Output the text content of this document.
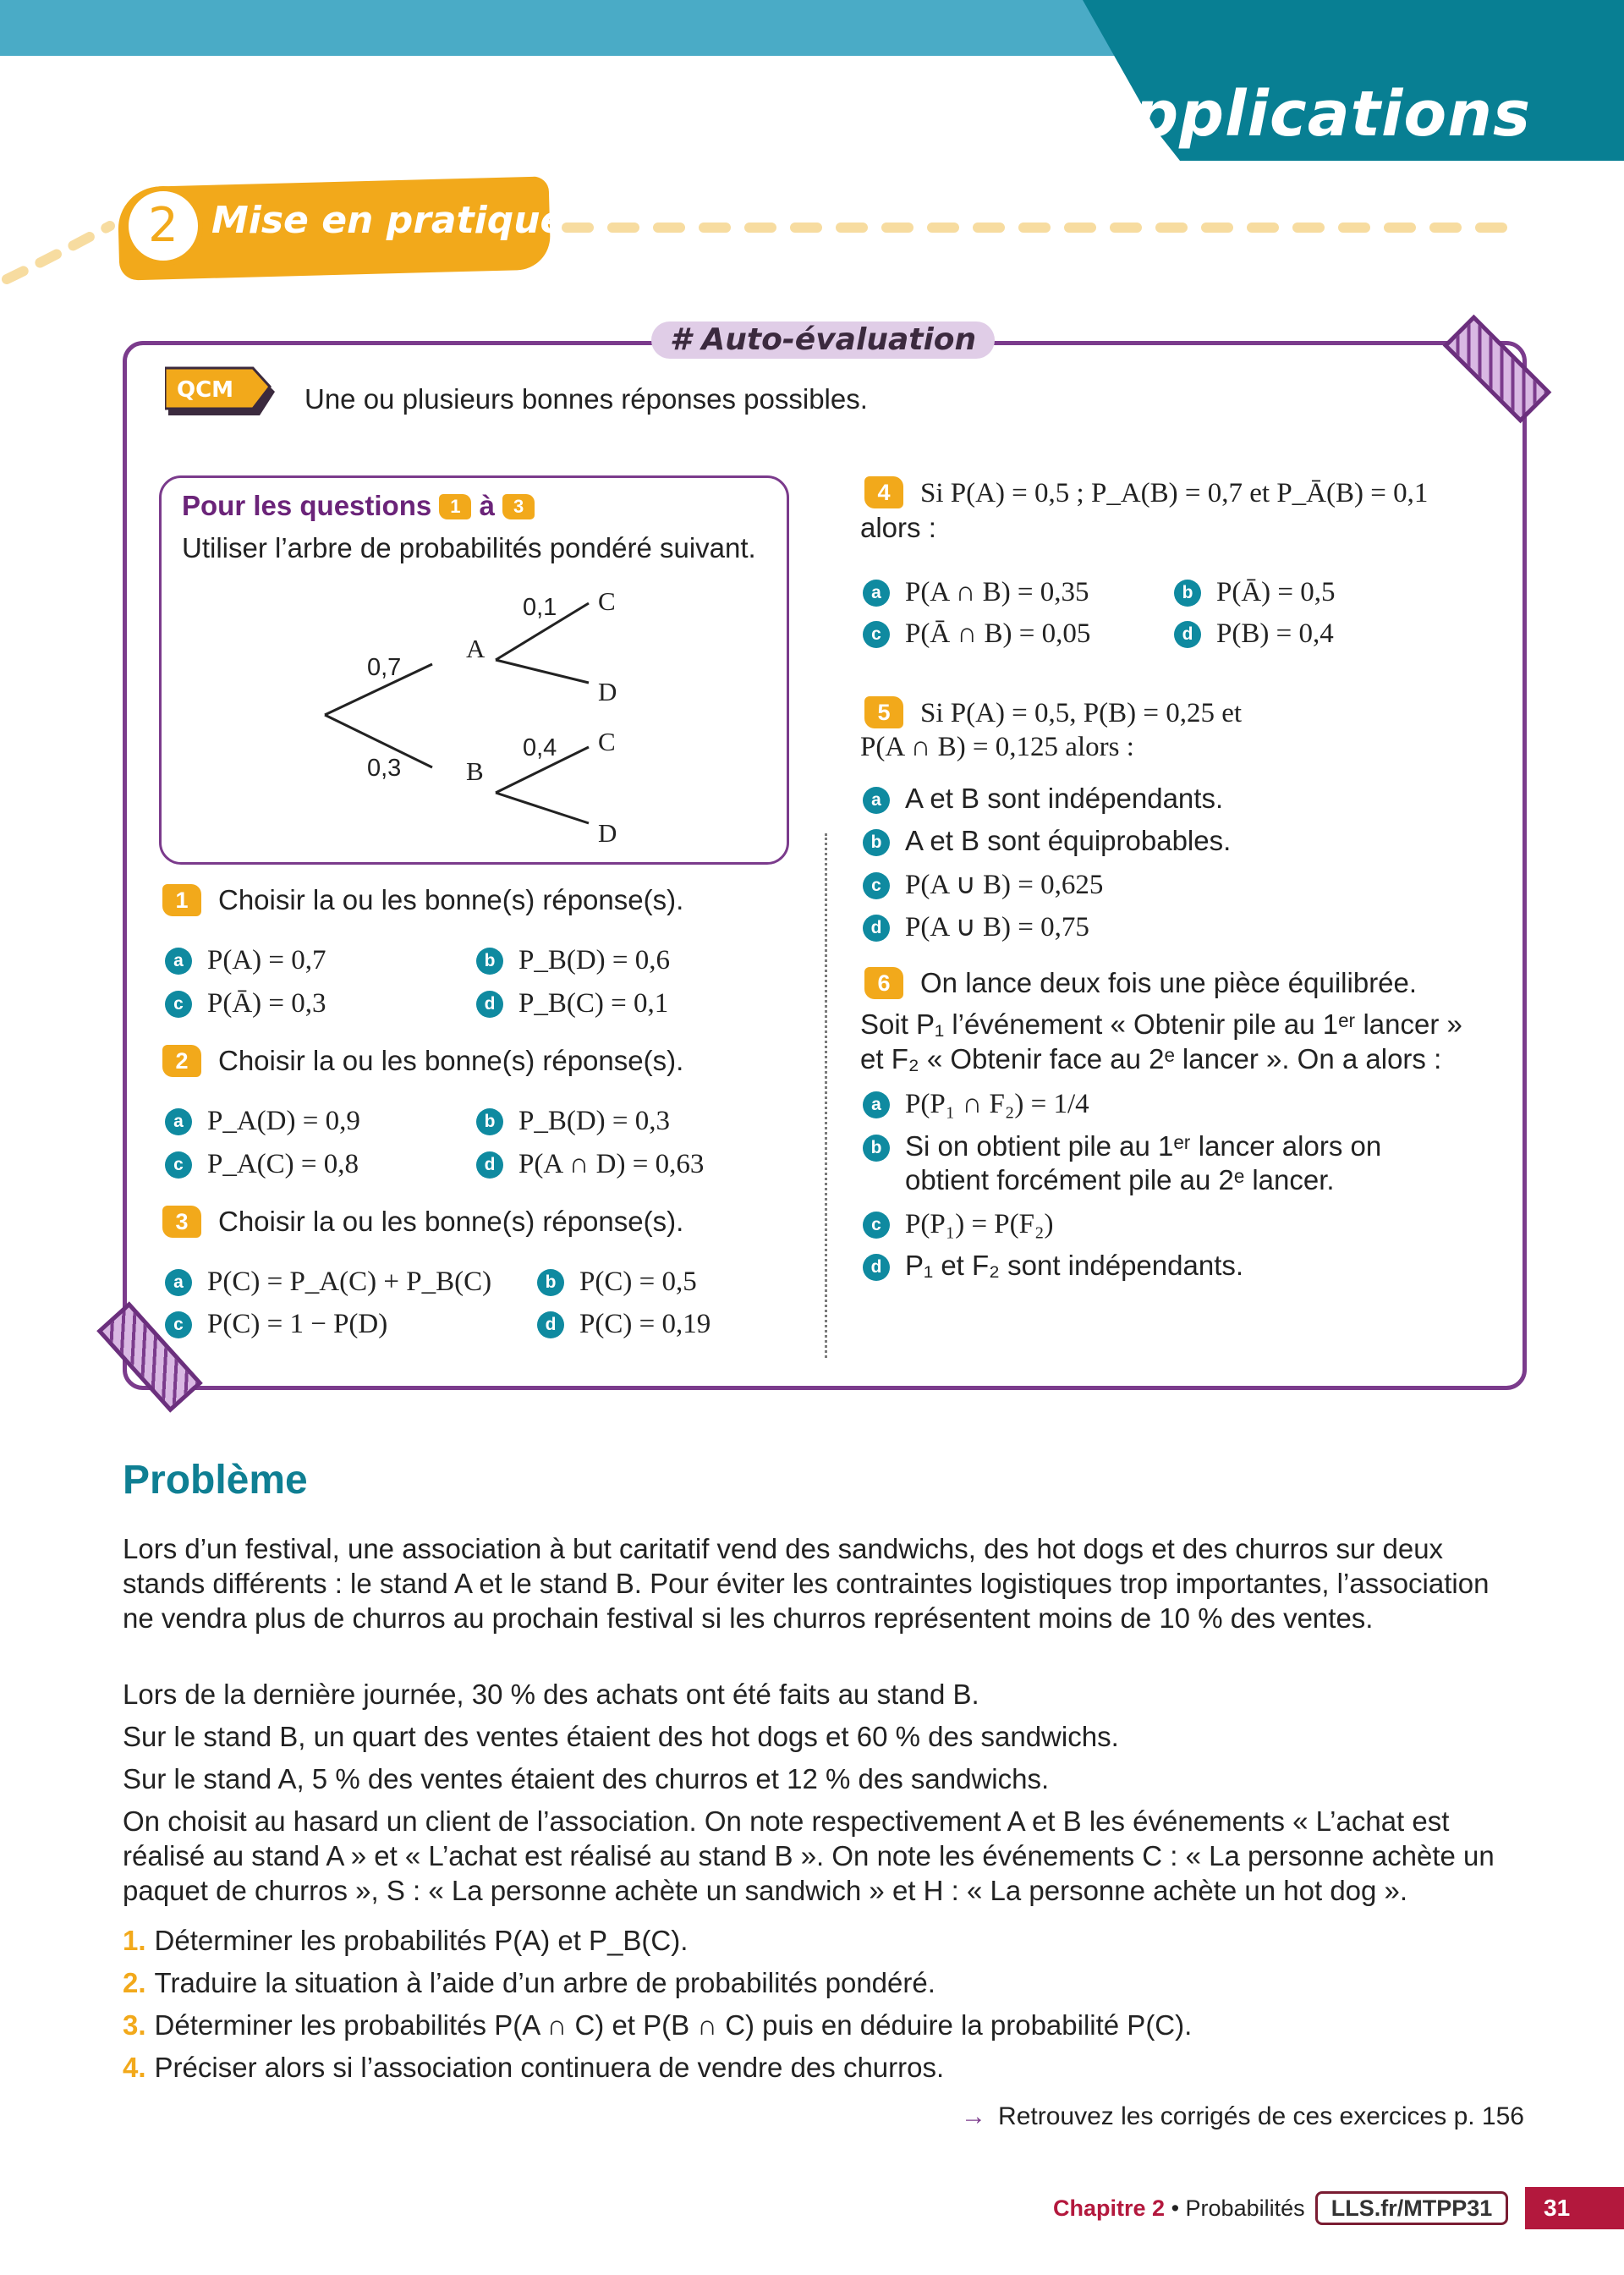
Applications
2 Mise en pratique
# Auto-évaluation
QCM	Une ou plusieurs bonnes réponses possibles.
Pour les questions 1 à 3
Utiliser l’arbre de probabilités pondéré suivant.
0,7
0,3
A
B
0,1
0,4
C
D
C
D
1 Choisir la ou les bonne(s) réponse(s).
a P(A) = 0,7	b P_B(D) = 0,6
c P(Ā) = 0,3	d P_B(C) = 0,1
2 Choisir la ou les bonne(s) réponse(s).
a P_A(D) = 0,9	b P_B(D) = 0,3
c P_A(C) = 0,8	d P(A ∩ D) = 0,63
3 Choisir la ou les bonne(s) réponse(s).
a P(C) = P_A(C) + P_B(C)	b P(C) = 0,5
c P(C) = 1 − P(D)	d P(C) = 0,19
4 Si P(A) = 0,5 ; P_A(B) = 0,7 et P_Ā(B) = 0,1
alors :
a P(A ∩ B) = 0,35	b P(Ā) = 0,5
c P(Ā ∩ B) = 0,05	d P(B) = 0,4
5 Si P(A) = 0,5, P(B) = 0,25 et
P(A ∩ B) = 0,125 alors :
a A et B sont indépendants.
b A et B sont équiprobables.
c P(A ∪ B) = 0,625
d P(A ∪ B) = 0,75
6 On lance deux fois une pièce équilibrée.
Soit P₁ l’événement « Obtenir pile au 1ᵉʳ lancer »
et F₂ « Obtenir face au 2ᵉ lancer ». On a alors :
a P(P₁ ∩ F₂) = 1/4
b Si on obtient pile au 1ᵉʳ lancer alors on
obtient forcément pile au 2ᵉ lancer.
c P(P₁) = P(F₂)
d P₁ et F₂ sont indépendants.
Problème
Lors d’un festival, une association à but caritatif vend des sandwichs, des hot dogs et des churros sur deux stands différents : le stand A et le stand B. Pour éviter les contraintes logistiques trop importantes, l’association ne vendra plus de churros au prochain festival si les churros représentent moins de 10 % des ventes.
Lors de la dernière journée, 30 % des achats ont été faits au stand B.
Sur le stand B, un quart des ventes étaient des hot dogs et 60 % des sandwichs.
Sur le stand A, 5 % des ventes étaient des churros et 12 % des sandwichs.
On choisit au hasard un client de l’association. On note respectivement A et B les événements « L’achat est réalisé au stand A » et « L’achat est réalisé au stand B ». On note les événements C : « La personne achète un paquet de churros », S : « La personne achète un sandwich » et H : « La personne achète un hot dog ».
1. Déterminer les probabilités P(A) et P_B(C).
2. Traduire la situation à l’aide d’un arbre de probabilités pondéré.
3. Déterminer les probabilités P(A ∩ C) et P(B ∩ C) puis en déduire la probabilité P(C).
4. Préciser alors si l’association continuera de vendre des churros.
→ Retrouvez les corrigés de ces exercices p. 156
Chapitre 2 • Probabilités	LLS.fr/MTPP31	31
